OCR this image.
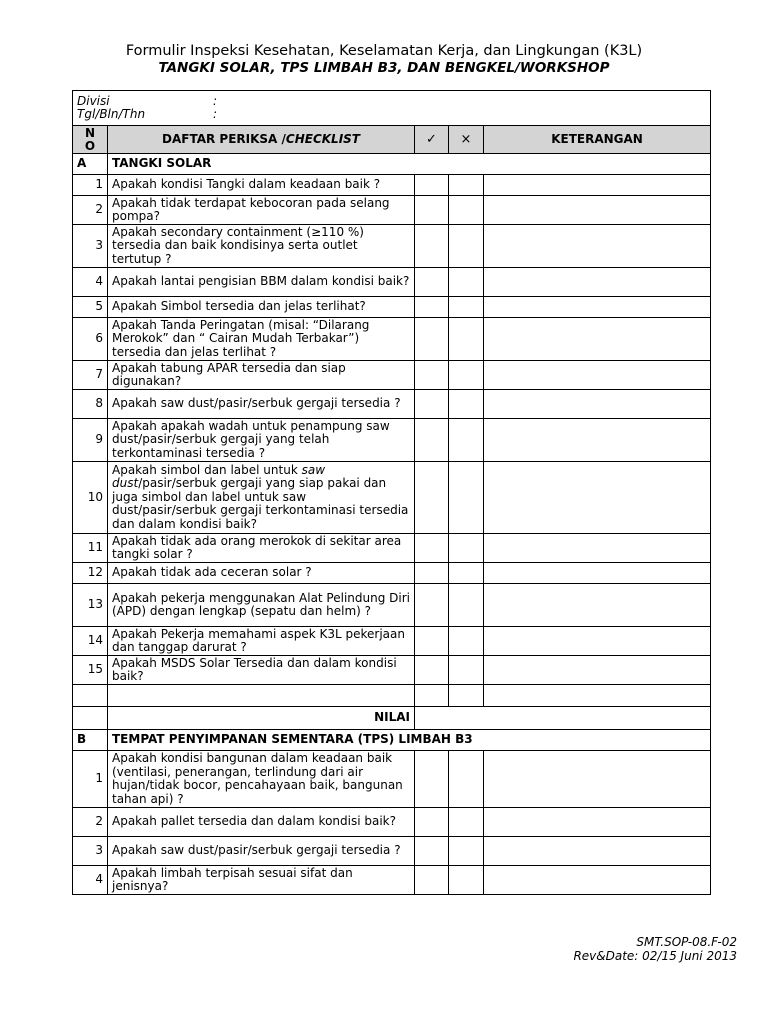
Formulir Inspeksi Kesehatan, Keselamatan Kerja, dan Lingkungan (K3L)
TANGKI SOLAR, TPS LIMBAH B3, DAN BENGKEL/WORKSHOP
Divisi :
Tgl/Bln/Thn :				

N
O	DAFTAR PERIKSA /CHECKLIST	✓	×	KETERANGAN
A	TANGKI SOLAR			
1	Apakah kondisi Tangki dalam keadaan baik ?			
2	Apakah tidak terdapat kebocoran pada selang pompa?			
3	Apakah secondary containment (≥110 %) tersedia dan baik kondisinya serta outlet tertutup ?			
4	Apakah lantai pengisian BBM dalam kondisi baik?			
5	Apakah Simbol tersedia dan jelas terlihat?			
6	Apakah Tanda Peringatan (misal: “Dilarang Merokok” dan “ Cairan Mudah Terbakar”) tersedia dan jelas terlihat ?			
7	Apakah tabung APAR tersedia dan siap digunakan?			
8	Apakah saw dust/pasir/serbuk gergaji tersedia ?			
9	Apakah apakah wadah untuk penampung saw dust/pasir/serbuk gergaji yang telah terkontaminasi tersedia ?			
10	Apakah simbol dan label untuk saw dust/pasir/serbuk gergaji yang siap pakai dan juga simbol dan label untuk saw dust/pasir/serbuk gergaji terkontaminasi tersedia dan dalam kondisi baik?			
11	Apakah tidak ada orang merokok di sekitar area tangki solar ?			
12	Apakah tidak ada ceceran solar ?			
13	Apakah pekerja menggunakan Alat Pelindung Diri (APD) dengan lengkap (sepatu dan helm) ?			
14	Apakah Pekerja memahami aspek K3L pekerjaan dan tanggap darurat ?			
15	Apakah MSDS Solar Tersedia dan dalam kondisi baik?			

	NILAI			
B	TEMPAT PENYIMPANAN SEMENTARA (TPS) LIMBAH B3			
1	Apakah kondisi bangunan dalam keadaan baik (ventilasi, penerangan, terlindung dari air hujan/tidak bocor, pencahayaan baik, bangunan tahan api) ?			
2	Apakah pallet tersedia dan dalam kondisi baik?			
3	Apakah saw dust/pasir/serbuk gergaji tersedia ?			
4	Apakah limbah terpisah sesuai sifat dan jenisnya?			
SMT.SOP-08.F-02
Rev&Date: 02/15 Juni 2013
